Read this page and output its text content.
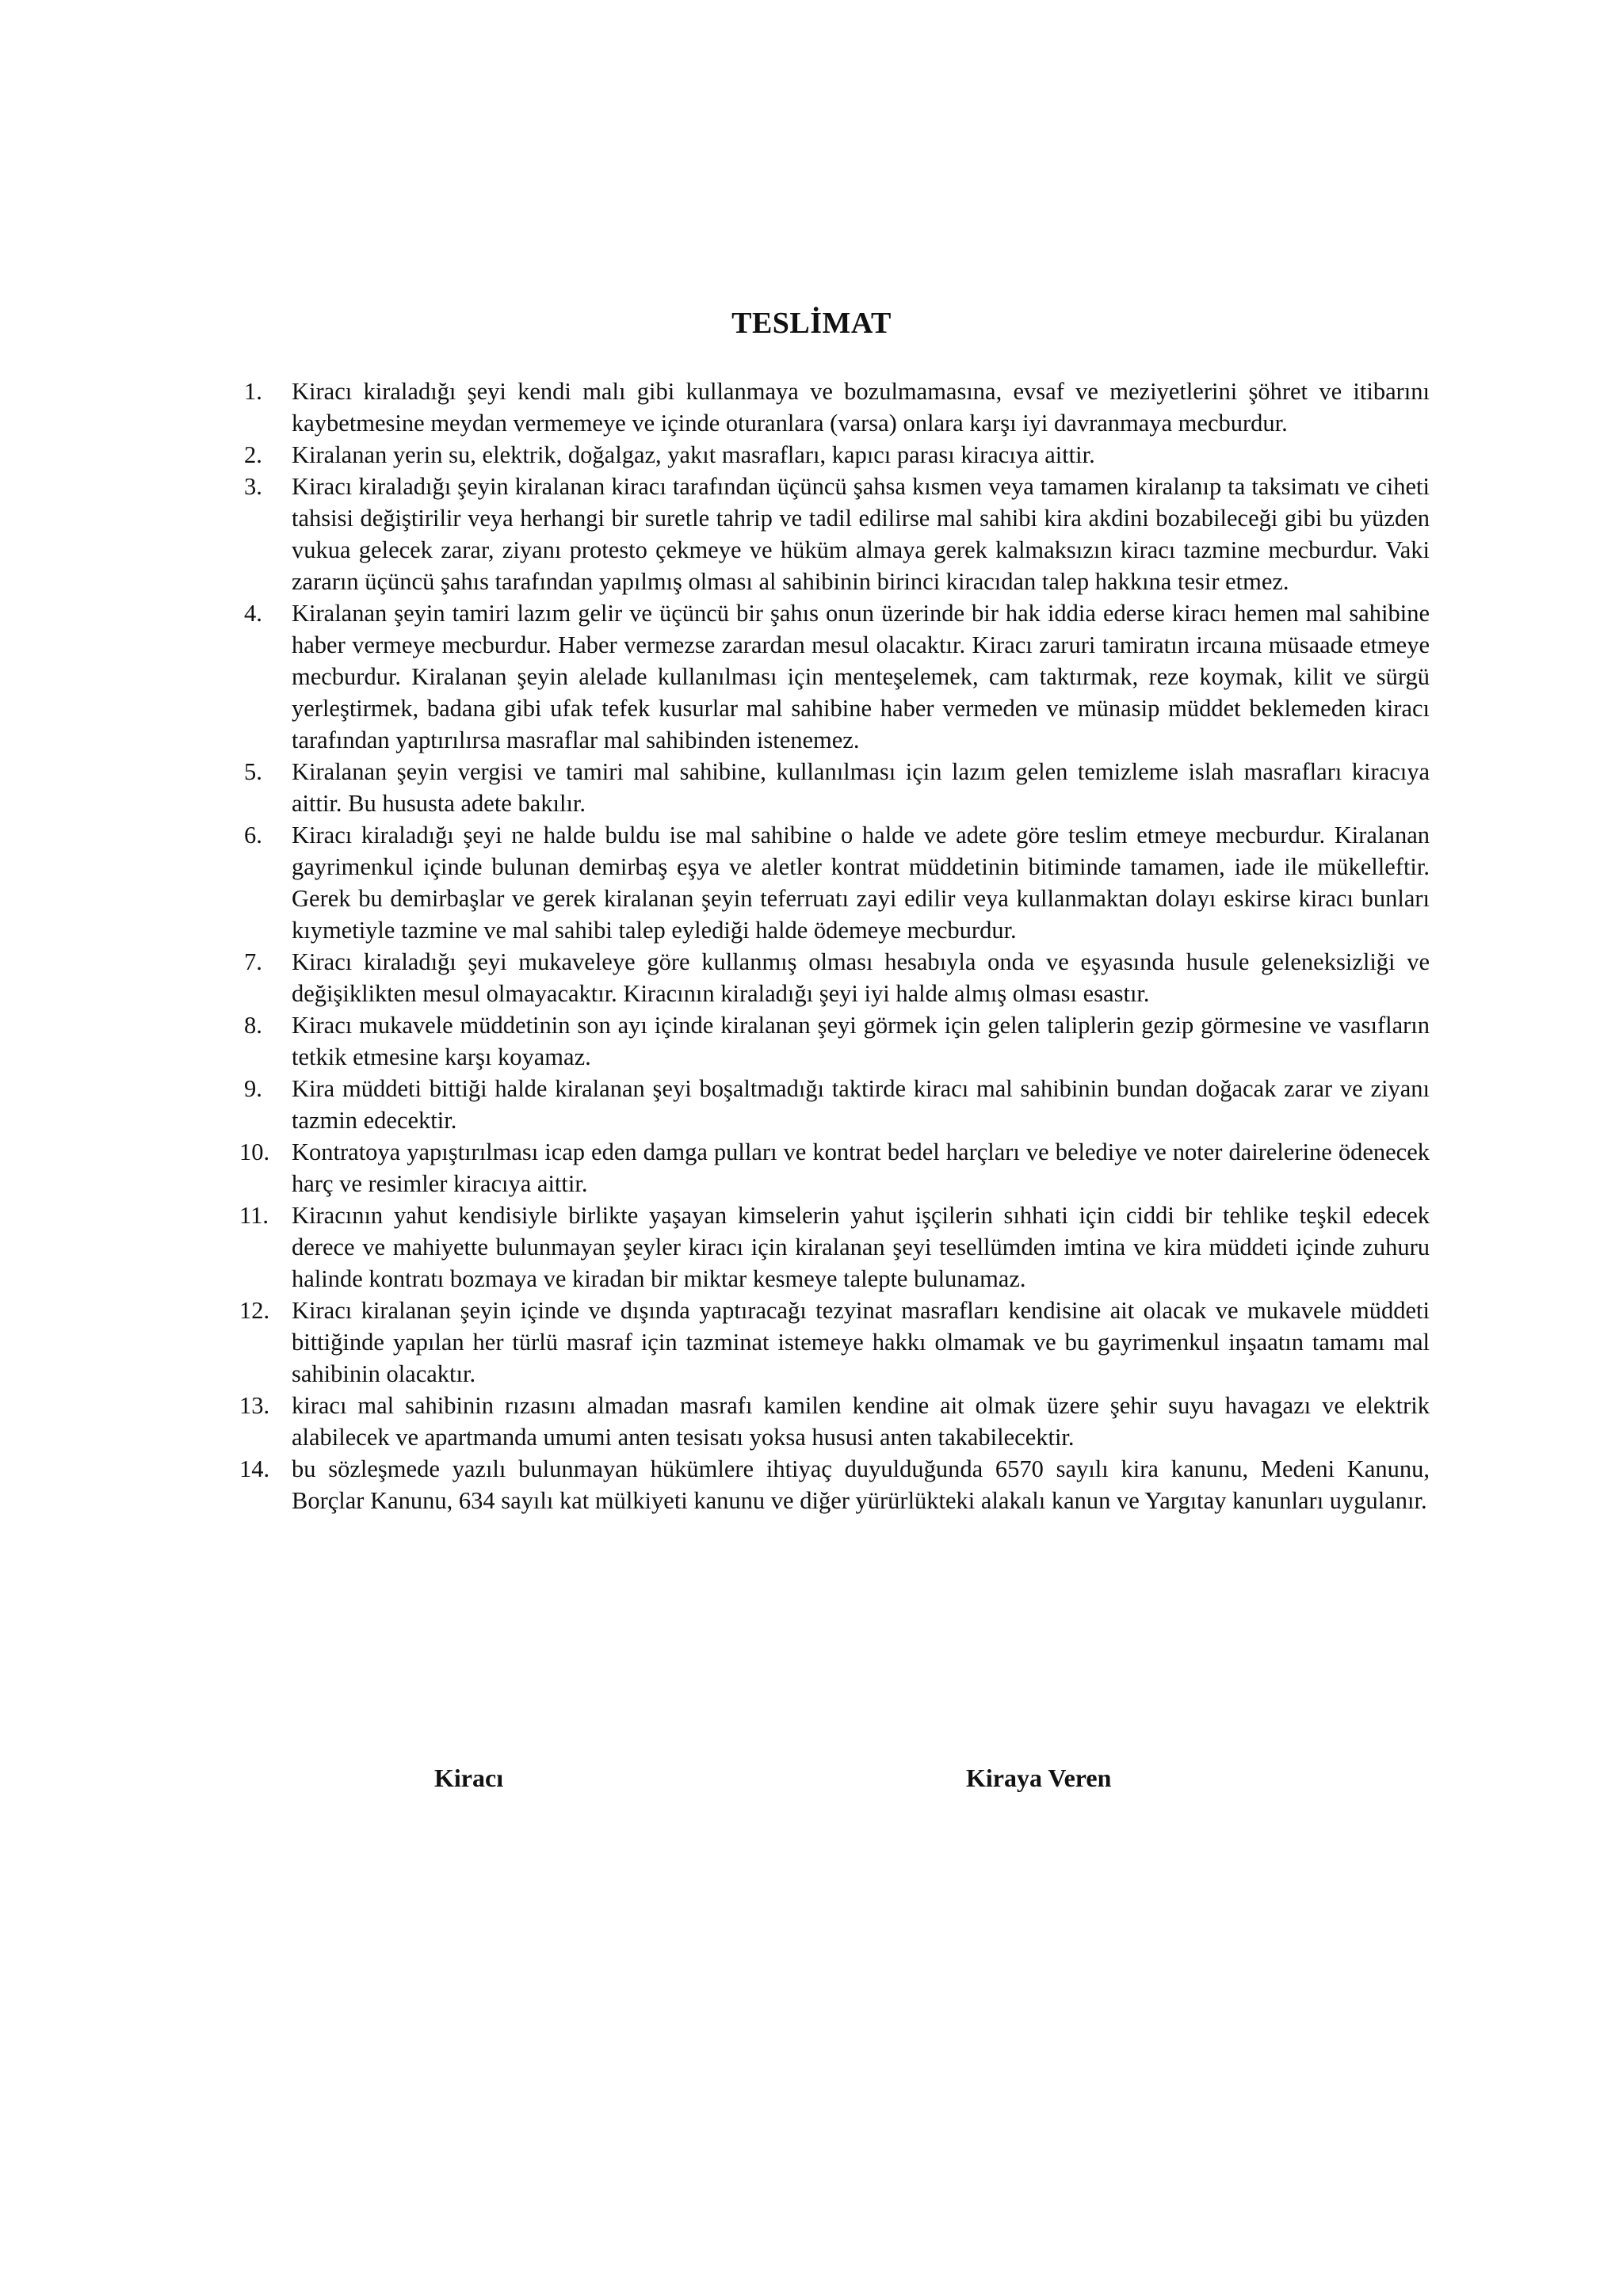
TESLİMAT
1.	Kiracı kiraladığı şeyi kendi malı gibi kullanmaya ve bozulmamasına, evsaf ve meziyetlerini şöhret ve itibarını kaybetmesine meydan vermemeye ve içinde oturanlara (varsa) onlara karşı iyi davranmaya mecburdur.
2.	Kiralanan yerin su, elektrik, doğalgaz, yakıt masrafları, kapıcı parası kiracıya aittir.
3.	Kiracı kiraladığı şeyin kiralanan kiracı tarafından üçüncü şahsa kısmen veya tamamen kiralanıp ta taksimatı ve ciheti tahsisi değiştirilir veya herhangi bir suretle tahrip ve tadil edilirse mal sahibi kira akdini bozabileceği gibi bu yüzden vukua gelecek zarar, ziyanı protesto çekmeye ve hüküm almaya gerek kalmaksızın kiracı tazmine mecburdur. Vaki zararın üçüncü şahıs tarafından yapılmış olması al sahibinin birinci kiracıdan talep hakkına tesir etmez.
4.	Kiralanan şeyin tamiri lazım gelir ve üçüncü bir şahıs onun üzerinde bir hak iddia ederse kiracı hemen mal sahibine haber vermeye mecburdur. Haber vermezse zarardan mesul olacaktır. Kiracı zaruri tamiratın ircaına müsaade etmeye mecburdur. Kiralanan şeyin alelade kullanılması için menteşelemek, cam taktırmak, reze koymak, kilit ve sürgü yerleştirmek, badana gibi ufak tefek kusurlar mal sahibine haber vermeden ve münasip müddet beklemeden kiracı tarafından yaptırılırsa masraflar mal sahibinden istenemez.
5.	Kiralanan şeyin vergisi ve tamiri mal sahibine, kullanılması için lazım gelen temizleme islah masrafları kiracıya aittir. Bu hususta adete bakılır.
6.	Kiracı kiraladığı şeyi ne halde buldu ise mal sahibine o halde ve adete göre teslim etmeye mecburdur. Kiralanan gayrimenkul içinde bulunan demirbaş eşya ve aletler kontrat müddetinin bitiminde tamamen, iade ile mükelleftir. Gerek bu demirbaşlar ve gerek kiralanan şeyin teferruatı zayi edilir veya kullanmaktan dolayı eskirse kiracı bunları kıymetiyle tazmine ve mal sahibi talep eylediği halde ödemeye mecburdur.
7.	Kiracı kiraladığı şeyi mukaveleye göre kullanmış olması hesabıyla onda ve eşyasında husule geleneksizliği ve değişiklikten mesul olmayacaktır. Kiracının kiraladığı şeyi iyi halde almış olması esastır.
8.	Kiracı mukavele müddetinin son ayı içinde kiralanan şeyi görmek için gelen taliplerin gezip görmesine ve vasıfların tetkik etmesine karşı koyamaz.
9.	Kira müddeti bittiği halde kiralanan şeyi boşaltmadığı taktirde kiracı mal sahibinin bundan doğacak zarar ve ziyanı tazmin edecektir.
10. Kontratoya yapıştırılması icap eden damga pulları ve kontrat bedel harçları ve belediye ve noter dairelerine ödenecek harç ve resimler kiracıya aittir.
11. Kiracının yahut kendisiyle birlikte yaşayan kimselerin yahut işçilerin sıhhati için ciddi bir tehlike teşkil edecek derece ve mahiyette bulunmayan şeyler kiracı için kiralanan şeyi tesellümden imtina ve kira müddeti içinde zuhuru halinde kontratı bozmaya ve kiradan bir miktar kesmeye talepte bulunamaz.
12. Kiracı kiralanan şeyin içinde ve dışında yaptıracağı tezyinat masrafları kendisine ait olacak ve mukavele müddeti bittiğinde yapılan her türlü masraf için tazminat istemeye hakkı olmamak ve bu gayrimenkul inşaatın tamamı mal sahibinin olacaktır.
13. kiracı mal sahibinin rızasını almadan masrafı kamilen kendine ait olmak üzere şehir suyu havagazı ve elektrik alabilecek ve apartmanda umumi anten tesisatı yoksa hususi anten takabilecektir.
14. bu sözleşmede yazılı bulunmayan hükümlere ihtiyaç duyulduğunda 6570 sayılı kira kanunu, Medeni Kanunu, Borçlar Kanunu, 634 sayılı kat mülkiyeti kanunu ve diğer yürürlükteki alakalı kanun ve Yargıtay kanunları uygulanır.
Kiracı	Kiraya Veren
